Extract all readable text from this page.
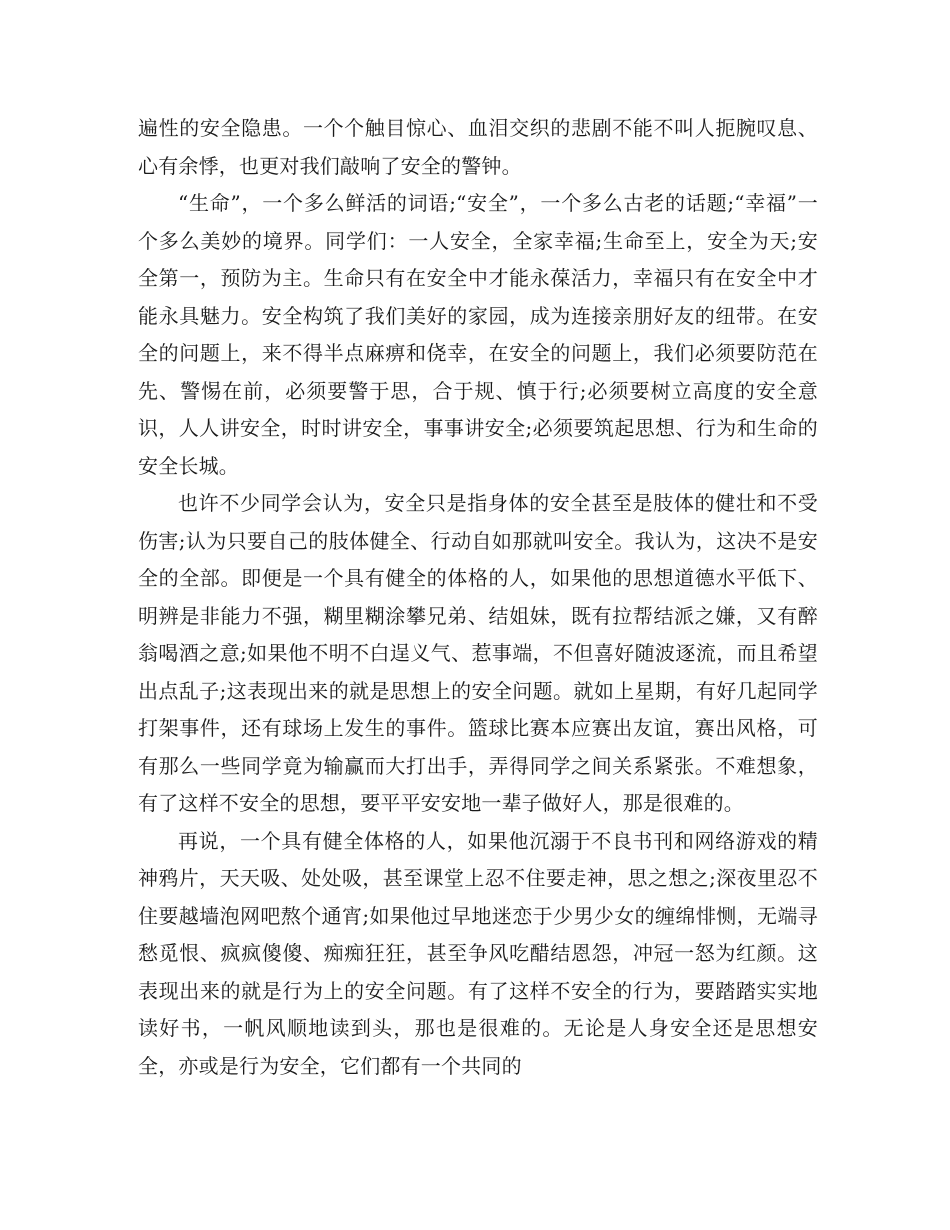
遍性的安全隐患。一个个触目惊心、血泪交织的悲剧不能不叫人扼腕叹息、心有余悸，也更对我们敲响了安全的警钟。

“生命”，一个多么鲜活的词语;“安全”，一个多么古老的话题;“幸福”一个多么美妙的境界。同学们：一人安全，全家幸福;生命至上，安全为天;安全第一，预防为主。生命只有在安全中才能永葆活力，幸福只有在安全中才能永具魅力。安全构筑了我们美好的家园，成为连接亲朋好友的纽带。在安全的问题上，来不得半点麻痹和侥幸，在安全的问题上，我们必须要防范在先、警惕在前，必须要警于思，合于规、慎于行;必须要树立高度的安全意识，人人讲安全，时时讲安全，事事讲安全;必须要筑起思想、行为和生命的安全长城。

也许不少同学会认为，安全只是指身体的安全甚至是肢体的健壮和不受伤害;认为只要自己的肢体健全、行动自如那就叫安全。我认为，这决不是安全的全部。即便是一个具有健全的体格的人，如果他的思想道德水平低下、明辨是非能力不强，糊里糊涂攀兄弟、结姐妹，既有拉帮结派之嫌，又有醉翁喝酒之意;如果他不明不白逞义气、惹事端，不但喜好随波逐流，而且希望出点乱子;这表现出来的就是思想上的安全问题。就如上星期，有好几起同学打架事件，还有球场上发生的事件。篮球比赛本应赛出友谊，赛出风格，可有那么一些同学竟为输赢而大打出手，弄得同学之间关系紧张。不难想象，有了这样不安全的思想，要平平安安地一辈子做好人，那是很难的。

再说，一个具有健全体格的人，如果他沉溺于不良书刊和网络游戏的精神鸦片，天天吸、处处吸，甚至课堂上忍不住要走神，思之想之;深夜里忍不住要越墙泡网吧熬个通宵;如果他过早地迷恋于少男少女的缠绵悱恻，无端寻愁觅恨、疯疯傻傻、痴痴狂狂，甚至争风吃醋结恩怨，冲冠一怒为红颜。这表现出来的就是行为上的安全问题。有了这样不安全的行为，要踏踏实实地读好书，一帆风顺地读到头，那也是很难的。无论是人身安全还是思想安全，亦或是行为安全，它们都有一个共同的
